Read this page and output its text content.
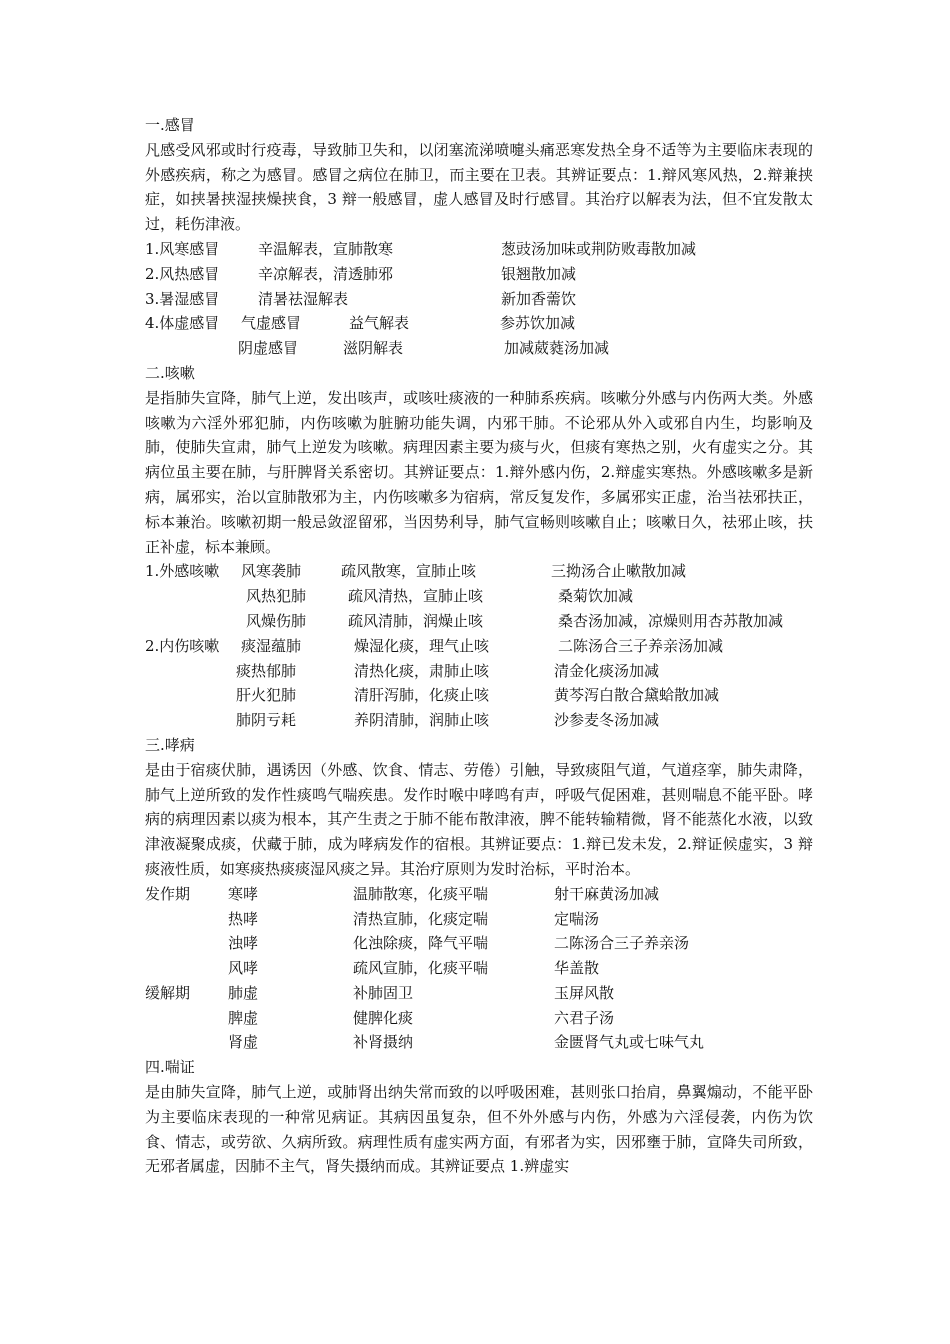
一.感冒

凡感受风邪或时行疫毒，导致肺卫失和，以闭塞流涕喷嚏头痛恶寒发热全身不适等为主要临床表现的外感疾病，称之为感冒。感冒之病位在肺卫，而主要在卫表。其辨证要点：1.辩风寒风热，2.辩兼挟症，如挟暑挟湿挟燥挟食，3 辩一般感冒，虚人感冒及时行感冒。其治疗以解表为法，但不宜发散太过，耗伤津液。

1.风寒感冒	辛温解表，宣肺散寒	葱豉汤加味或荆防败毒散加减
2.风热感冒	辛凉解表，清透肺邪	银翘散加减
3.暑湿感冒	清暑祛湿解表	新加香薷饮
4.体虚感冒 气虚感冒	益气解表	参苏饮加减
阴虚感冒	滋阴解表	加减葳蕤汤加减
二.咳嗽

是指肺失宣降，肺气上逆，发出咳声，或咳吐痰液的一种肺系疾病。咳嗽分外感与内伤两大类。外感咳嗽为六淫外邪犯肺，内伤咳嗽为脏腑功能失调，内邪干肺。不论邪从外入或邪自内生，均影响及肺，使肺失宣肃，肺气上逆发为咳嗽。病理因素主要为痰与火，但痰有寒热之别，火有虚实之分。其病位虽主要在肺，与肝脾肾关系密切。其辨证要点：1.辩外感内伤，2.辩虚实寒热。外感咳嗽多是新病，属邪实，治以宣肺散邪为主，内伤咳嗽多为宿病，常反复发作，多属邪实正虚，治当祛邪扶正，标本兼治。咳嗽初期一般忌敛涩留邪，当因势利导，肺气宣畅则咳嗽自止；咳嗽日久，祛邪止咳，扶正补虚，标本兼顾。

1.外感咳嗽 风寒袭肺	疏风散寒，宣肺止咳	三拗汤合止嗽散加减
风热犯肺	疏风清热，宣肺止咳	桑菊饮加减
风燥伤肺	疏风清肺，润燥止咳	桑杏汤加减，凉燥则用杏苏散加减
2.内伤咳嗽 痰湿蕴肺	燥湿化痰，理气止咳	二陈汤合三子养亲汤加减
痰热郁肺	清热化痰，肃肺止咳	清金化痰汤加减
肝火犯肺	清肝泻肺，化痰止咳	黄芩泻白散合黛蛤散加减
肺阴亏耗	养阴清肺，润肺止咳	沙参麦冬汤加减
三.哮病

是由于宿痰伏肺，遇诱因（外感、饮食、情志、劳倦）引触，导致痰阻气道，气道痉挛，肺失肃降，肺气上逆所致的发作性痰鸣气喘疾患。发作时喉中哮鸣有声，呼吸气促困难，甚则喘息不能平卧。哮病的病理因素以痰为根本，其产生责之于肺不能布散津液，脾不能转输精微，肾不能蒸化水液，以致津液凝聚成痰，伏藏于肺，成为哮病发作的宿根。其辨证要点：1.辩已发未发，2.辩证候虚实，3 辩痰液性质，如寒痰热痰痰湿风痰之异。其治疗原则为发时治标，平时治本。

发作期	寒哮	温肺散寒，化痰平喘	射干麻黄汤加减
热哮	清热宣肺，化痰定喘	定喘汤
浊哮	化浊除痰，降气平喘	二陈汤合三子养亲汤
风哮	疏风宣肺，化痰平喘	华盖散
缓解期	肺虚	补肺固卫	玉屏风散
脾虚	健脾化痰	六君子汤
肾虚	补肾摄纳	金匮肾气丸或七味气丸
四.喘证

是由肺失宣降，肺气上逆，或肺肾出纳失常而致的以呼吸困难，甚则张口抬肩，鼻翼煽动，不能平卧为主要临床表现的一种常见病证。其病因虽复杂，但不外外感与内伤，外感为六淫侵袭，内伤为饮食、情志，或劳欲、久病所致。病理性质有虚实两方面，有邪者为实，因邪壅于肺，宣降失司所致，无邪者属虚，因肺不主气，肾失摄纳而成。其辨证要点 1.辨虚实
